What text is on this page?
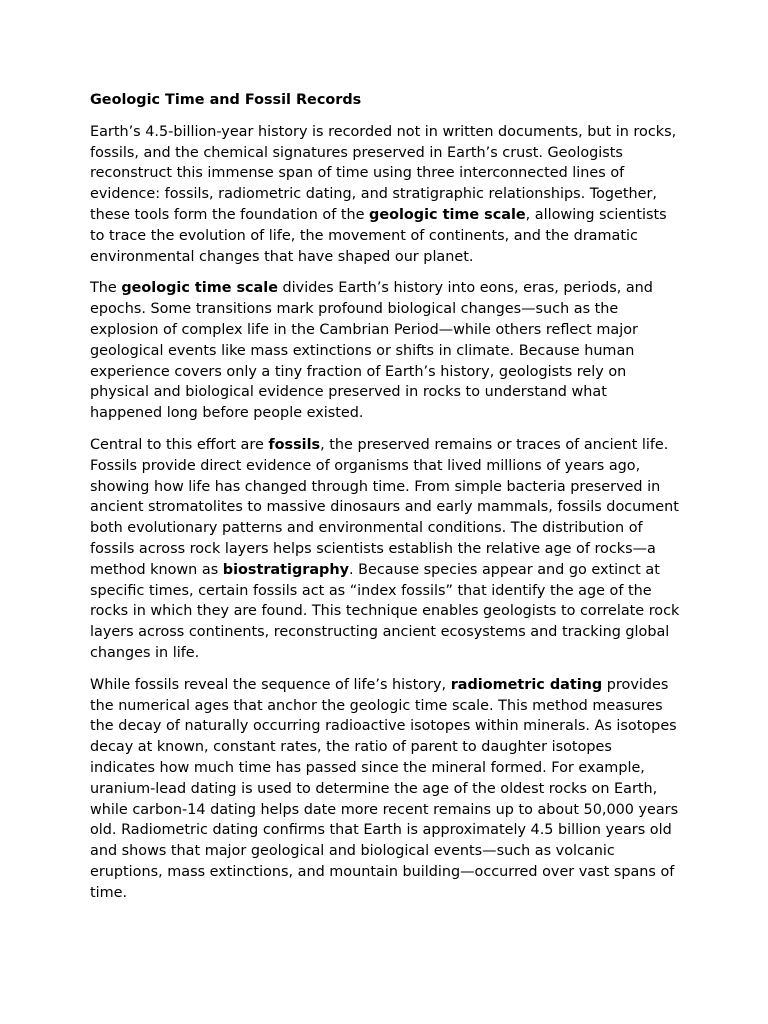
Geologic Time and Fossil Records
Earth’s 4.5-billion-year history is recorded not in written documents, but in rocks, fossils, and the chemical signatures preserved in Earth’s crust. Geologists reconstruct this immense span of time using three interconnected lines of evidence: fossils, radiometric dating, and stratigraphic relationships. Together, these tools form the foundation of the geologic time scale, allowing scientists to trace the evolution of life, the movement of continents, and the dramatic environmental changes that have shaped our planet.
The geologic time scale divides Earth’s history into eons, eras, periods, and epochs. Some transitions mark profound biological changes—such as the explosion of complex life in the Cambrian Period—while others reflect major geological events like mass extinctions or shifts in climate. Because human experience covers only a tiny fraction of Earth’s history, geologists rely on physical and biological evidence preserved in rocks to understand what happened long before people existed.
Central to this effort are fossils, the preserved remains or traces of ancient life. Fossils provide direct evidence of organisms that lived millions of years ago, showing how life has changed through time. From simple bacteria preserved in ancient stromatolites to massive dinosaurs and early mammals, fossils document both evolutionary patterns and environmental conditions. The distribution of fossils across rock layers helps scientists establish the relative age of rocks—a method known as biostratigraphy. Because species appear and go extinct at specific times, certain fossils act as “index fossils” that identify the age of the rocks in which they are found. This technique enables geologists to correlate rock layers across continents, reconstructing ancient ecosystems and tracking global changes in life.
While fossils reveal the sequence of life’s history, radiometric dating provides the numerical ages that anchor the geologic time scale. This method measures the decay of naturally occurring radioactive isotopes within minerals. As isotopes decay at known, constant rates, the ratio of parent to daughter isotopes indicates how much time has passed since the mineral formed. For example, uranium-lead dating is used to determine the age of the oldest rocks on Earth, while carbon-14 dating helps date more recent remains up to about 50,000 years old. Radiometric dating confirms that Earth is approximately 4.5 billion years old and shows that major geological and biological events—such as volcanic eruptions, mass extinctions, and mountain building—occurred over vast spans of time.
